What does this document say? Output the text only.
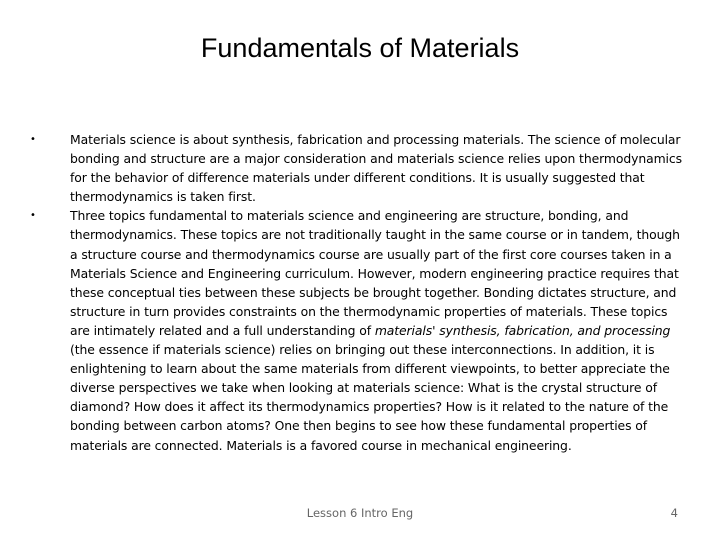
Fundamentals of Materials
•	Materials science is about synthesis, fabrication and processing materials. The science of molecular bonding and structure are a major consideration and materials science relies upon thermodynamics for the behavior of difference materials under different conditions. It is usually suggested that thermodynamics is taken first.
•	Three topics fundamental to materials science and engineering are structure, bonding, and thermodynamics. These topics are not traditionally taught in the same course or in tandem, though a structure course and thermodynamics course are usually part of the first core courses taken in a Materials Science and Engineering curriculum. However, modern engineering practice requires that these conceptual ties between these subjects be brought together. Bonding dictates structure, and structure in turn provides constraints on the thermodynamic properties of materials. These topics are intimately related and a full understanding of materials' synthesis, fabrication, and processing (the essence if materials science) relies on bringing out these interconnections. In addition, it is enlightening to learn about the same materials from different viewpoints, to better appreciate the diverse perspectives we take when looking at materials science: What is the crystal structure of diamond? How does it affect its thermodynamics properties? How is it related to the nature of the bonding between carbon atoms? One then begins to see how these fundamental properties of materials are connected. Materials is a favored course in mechanical engineering.
Lesson 6 Intro Eng	4
